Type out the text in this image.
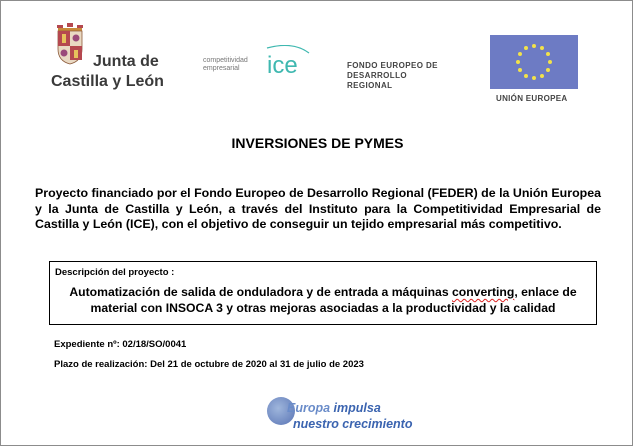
Junta de
Castilla y León
competitividad
empresarial	ice	FONDO EUROPEO DE
DESARROLLO
REGIONAL
UNIÓN EUROPEA
INVERSIONES DE PYMES
Proyecto financiado por el Fondo Europeo de Desarrollo Regional (FEDER) de la Unión Europea y la Junta de Castilla y León, a través del Instituto para la Competitividad Empresarial de Castilla y León (ICE), con el objetivo de conseguir un tejido empresarial más competitivo.
Descripción del proyecto :
Automatización de salida de onduladora y de entrada a máquinas converting, enlace de material con INSOCA 3 y otras mejoras asociadas a la productividad y la calidad
Expediente nº: 02/18/SO/0041
Plazo de realización: Del 21 de octubre de 2020 al 31 de julio de 2023
Europa impulsa
nuestro crecimiento
